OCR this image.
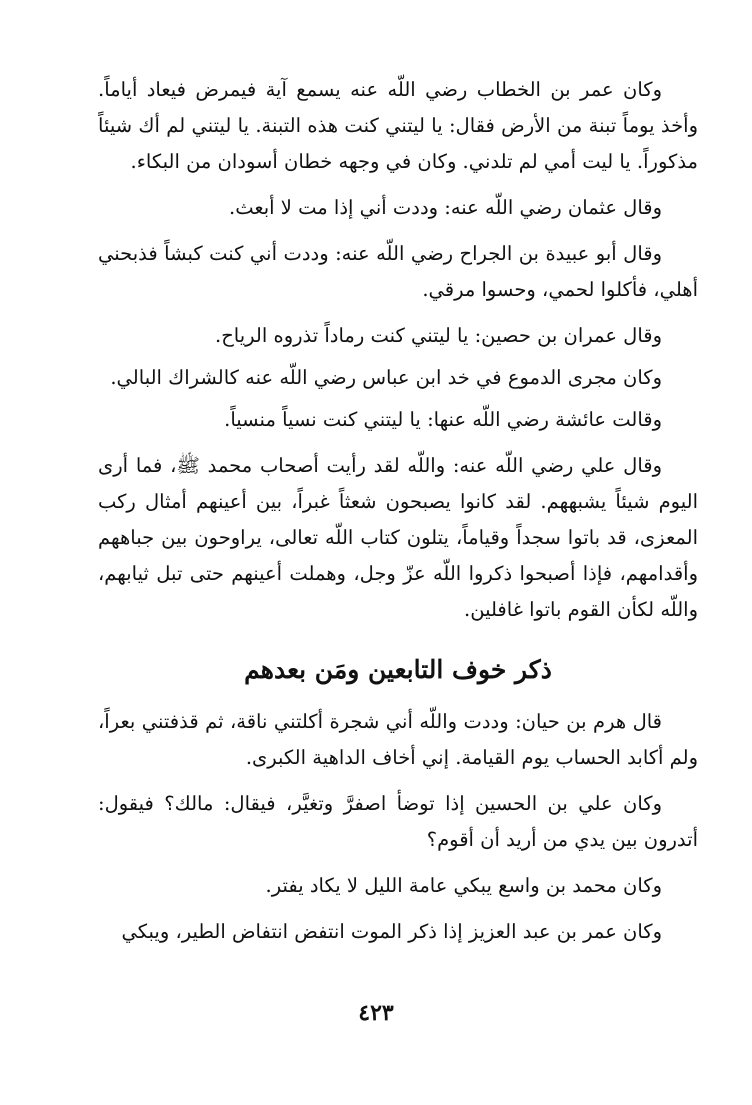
وكان عمر بن الخطاب رضي اللّه عنه يسمع آية فيمرض فيعاد أياماً. وأخذ يوماً تبنة من الأرض فقال: يا ليتني كنت هذه التبنة. يا ليتني لم أك شيئاً مذكوراً. يا ليت أمي لم تلدني. وكان في وجهه خطان أسودان من البكاء.

وقال عثمان رضي اللّه عنه: وددت أني إذا مت لا أبعث.

وقال أبو عبيدة بن الجراح رضي اللّه عنه: وددت أني كنت كبشاً فذبحني أهلي، فأكلوا لحمي، وحسوا مرقي.

وقال عمران بن حصين: يا ليتني كنت رماداً تذروه الرياح.

وكان مجرى الدموع في خد ابن عباس رضي اللّه عنه كالشراك البالي.

وقالت عائشة رضي اللّه عنها: يا ليتني كنت نسياً منسياً.

وقال علي رضي اللّه عنه: واللّه لقد رأيت أصحاب محمد ﷺ، فما أرى اليوم شيئاً يشبههم. لقد كانوا يصبحون شعثاً غبراً، بين أعينهم أمثال ركب المعزى، قد باتوا سجداً وقياماً، يتلون كتاب اللّه تعالى، يراوحون بين جباههم وأقدامهم، فإذا أصبحوا ذكروا اللّه عزّ وجل، وهملت أعينهم حتى تبل ثيابهم، واللّه لكأن القوم باتوا غافلين.

ذكر خوف التابعين ومَن بعدهم

قال هرم بن حيان: وددت واللّه أني شجرة أكلتني ناقة، ثم قذفتني بعراً، ولم أكابد الحساب يوم القيامة. إني أخاف الداهية الكبرى.

وكان علي بن الحسين إذا توضأ اصفرَّ وتغيَّر، فيقال: مالك؟ فيقول: أتدرون بين يدي من أريد أن أقوم؟

وكان محمد بن واسع يبكي عامة الليل لا يكاد يفتر.

وكان عمر بن عبد العزيز إذا ذكر الموت انتفض انتفاض الطير، ويبكي

٤٢٣
